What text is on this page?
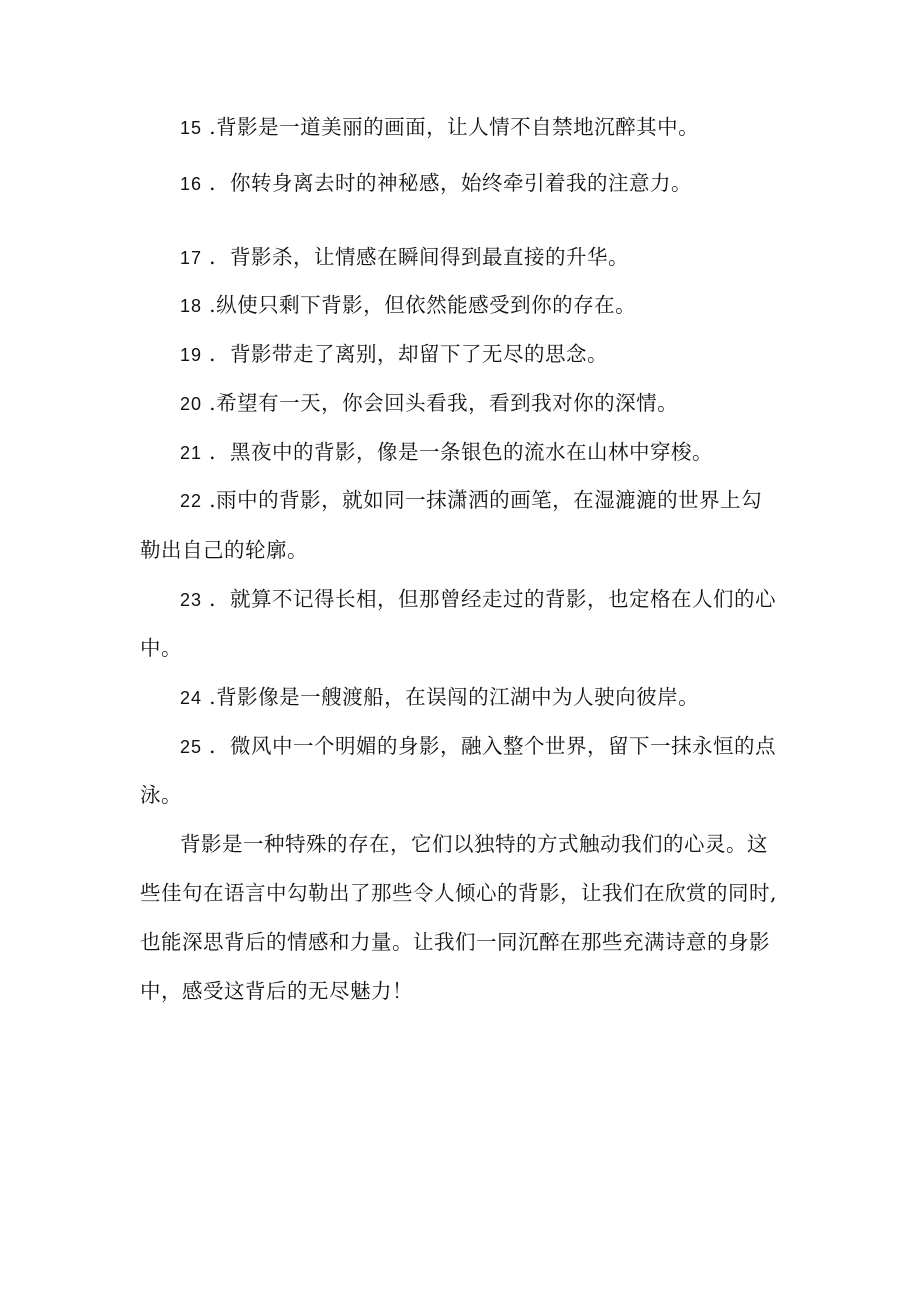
15 .背影是一道美丽的画面，让人情不自禁地沉醉其中。
16 ．你转身离去时的神秘感，始终牵引着我的注意力。
17 ．背影杀，让情感在瞬间得到最直接的升华。
18 .纵使只剩下背影，但依然能感受到你的存在。
19 ．背影带走了离别，却留下了无尽的思念。
20 .希望有一天，你会回头看我，看到我对你的深情。
21 ．黑夜中的背影，像是一条银色的流水在山林中穿梭。
22 .雨中的背影，就如同一抹潇洒的画笔，在湿漉漉的世界上勾
勒出自己的轮廓。
23 ．就算不记得长相，但那曾经走过的背影，也定格在人们的心
中。
24 .背影像是一艘渡船，在误闯的江湖中为人驶向彼岸。
25 ．微风中一个明媚的身影，融入整个世界，留下一抹永恒的点
泳。
背影是一种特殊的存在，它们以独特的方式触动我们的心灵。这
些佳句在语言中勾勒出了那些令人倾心的背影，让我们在欣赏的同时,
也能深思背后的情感和力量。让我们一同沉醉在那些充满诗意的身影
中，感受这背后的无尽魅力！
